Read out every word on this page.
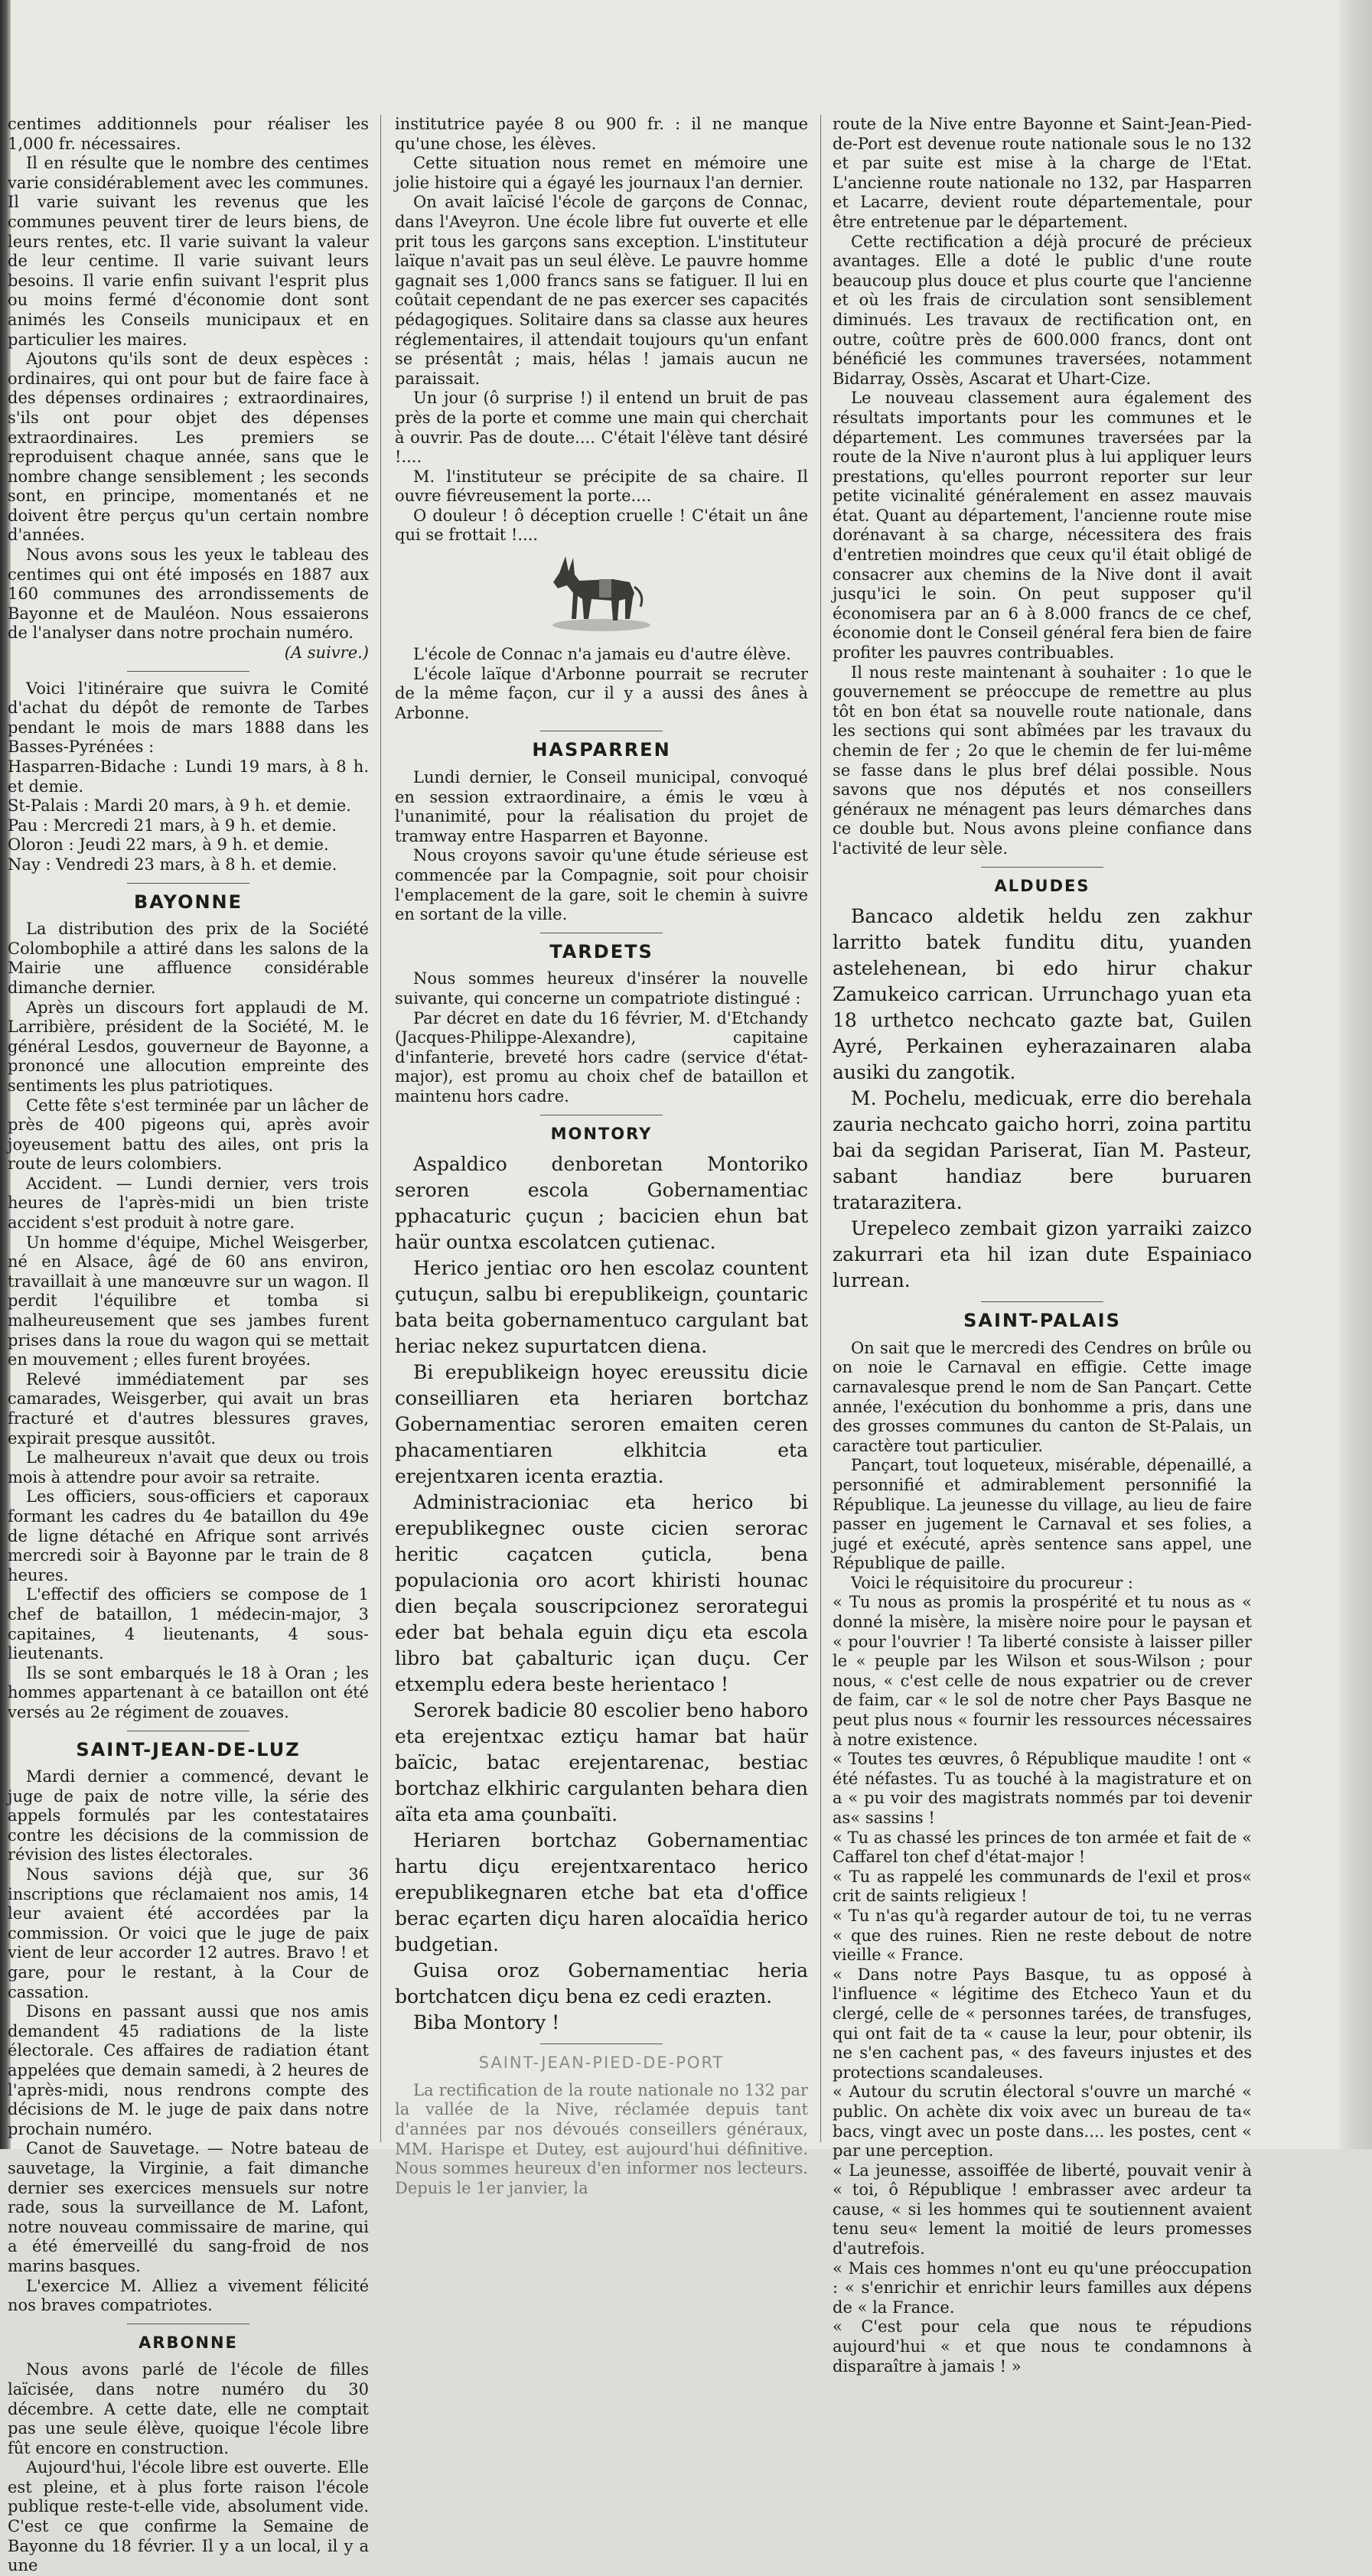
centimes additionnels pour réaliser les 1,000 fr. nécessaires.

Il en résulte que le nombre des centimes varie considérablement avec les communes. Il varie suivant les revenus que les communes peuvent tirer de leurs biens, de leurs rentes, etc. Il varie suivant la valeur de leur centime. Il varie suivant leurs besoins. Il varie enfin suivant l'esprit plus ou moins fermé d'économie dont sont animés les Conseils municipaux et en particulier les maires.

Ajoutons qu'ils sont de deux espèces : ordinaires, qui ont pour but de faire face à des dépenses ordinaires ; extraordinaires, s'ils ont pour objet des dépenses extraordinaires. Les premiers se reproduisent chaque année, sans que le nombre change sensiblement ; les seconds sont, en principe, momentanés et ne doivent être perçus qu'un certain nombre d'années.

Nous avons sous les yeux le tableau des centimes qui ont été imposés en 1887 aux 160 communes des arrondissements de Bayonne et de Mauléon. Nous essaierons de l'analyser dans notre prochain numéro.

(A suivre.)

Voici l'itinéraire que suivra le Comité d'achat du dépôt de remonte de Tarbes pendant le mois de mars 1888 dans les Basses-Pyrénées :

Hasparren-Bidache : Lundi 19 mars, à 8 h. et demie.

St-Palais : Mardi 20 mars, à 9 h. et demie.

Pau : Mercredi 21 mars, à 9 h. et demie.

Oloron : Jeudi 22 mars, à 9 h. et demie.

Nay : Vendredi 23 mars, à 8 h. et demie.

BAYONNE

La distribution des prix de la Société Colombophile a attiré dans les salons de la Mairie une affluence considérable dimanche dernier.

Après un discours fort applaudi de M. Larribière, président de la Société, M. le général Lesdos, gouverneur de Bayonne, a prononcé une allocution empreinte des sentiments les plus patriotiques.

Cette fête s'est terminée par un lâcher de près de 400 pigeons qui, après avoir joyeusement battu des ailes, ont pris la route de leurs colombiers.

Accident. — Lundi dernier, vers trois heures de l'après-midi un bien triste accident s'est produit à notre gare.

Un homme d'équipe, Michel Weisgerber, né en Alsace, âgé de 60 ans environ, travaillait à une manœuvre sur un wagon. Il perdit l'équilibre et tomba si malheureusement que ses jambes furent prises dans la roue du wagon qui se mettait en mouvement ; elles furent broyées.

Relevé immédiatement par ses camarades, Weisgerber, qui avait un bras fracturé et d'autres blessures graves, expirait presque aussitôt.

Le malheureux n'avait que deux ou trois mois à attendre pour avoir sa retraite.

Les officiers, sous-officiers et caporaux formant les cadres du 4e bataillon du 49e de ligne détaché en Afrique sont arrivés mercredi soir à Bayonne par le train de 8 heures.

L'effectif des officiers se compose de 1 chef de bataillon, 1 médecin-major, 3 capitaines, 4 lieutenants, 4 sous-lieutenants.

Ils se sont embarqués le 18 à Oran ; les hommes appartenant à ce bataillon ont été versés au 2e régiment de zouaves.

SAINT-JEAN-DE-LUZ

Mardi dernier a commencé, devant le juge de paix de notre ville, la série des appels formulés par les contestataires contre les décisions de la commission de révision des listes électorales.

Nous savions déjà que, sur 36 inscriptions que réclamaient nos amis, 14 leur avaient été accordées par la commission. Or voici que le juge de paix vient de leur accorder 12 autres. Bravo ! et gare, pour le restant, à la Cour de cassation.

Disons en passant aussi que nos amis demandent 45 radiations de la liste électorale. Ces affaires de radiation étant appelées que demain samedi, à 2 heures de l'après-midi, nous rendrons compte des décisions de M. le juge de paix dans notre prochain numéro.

Canot de Sauvetage. — Notre bateau de sauvetage, la Virginie, a fait dimanche dernier ses exercices mensuels sur notre rade, sous la surveillance de M. Lafont, notre nouveau commissaire de marine, qui a été émerveillé du sang-froid de nos marins basques.

L'exercice M. Alliez a vivement félicité nos braves compatriotes.

ARBONNE

Nous avons parlé de l'école de filles laïcisée, dans notre numéro du 30 décembre. A cette date, elle ne comptait pas une seule élève, quoique l'école libre fût encore en construction.

Aujourd'hui, l'école libre est ouverte. Elle est pleine, et à plus forte raison l'école publique reste-t-elle vide, absolument vide. C'est ce que confirme la Semaine de Bayonne du 18 février. Il y a un local, il y a une

institutrice payée 8 ou 900 fr. : il ne manque qu'une chose, les élèves.

Cette situation nous remet en mémoire une jolie histoire qui a égayé les journaux l'an dernier.

On avait laïcisé l'école de garçons de Connac, dans l'Aveyron. Une école libre fut ouverte et elle prit tous les garçons sans exception. L'instituteur laïque n'avait pas un seul élève. Le pauvre homme gagnait ses 1,000 francs sans se fatiguer. Il lui en coûtait cependant de ne pas exercer ses capacités pédagogiques. Solitaire dans sa classe aux heures réglementaires, il attendait toujours qu'un enfant se présentât ; mais, hélas ! jamais aucun ne paraissait.

Un jour (ô surprise !) il entend un bruit de pas près de la porte et comme une main qui cherchait à ouvrir. Pas de doute.... C'était l'élève tant désiré !....

M. l'instituteur se précipite de sa chaire. Il ouvre fiévreusement la porte....

O douleur ! ô déception cruelle ! C'était un âne qui se frottait !....

L'école de Connac n'a jamais eu d'autre élève.

L'école laïque d'Arbonne pourrait se recruter de la même façon, cur il y a aussi des ânes à Arbonne.

HASPARREN

Lundi dernier, le Conseil municipal, convoqué en session extraordinaire, a émis le vœu à l'unanimité, pour la réalisation du projet de tramway entre Hasparren et Bayonne.

Nous croyons savoir qu'une étude sérieuse est commencée par la Compagnie, soit pour choisir l'emplacement de la gare, soit le chemin à suivre en sortant de la ville.

TARDETS

Nous sommes heureux d'insérer la nouvelle suivante, qui concerne un compatriote distingué :

Par décret en date du 16 février, M. d'Etchandy (Jacques-Philippe-Alexandre), capitaine d'infanterie, breveté hors cadre (service d'état-major), est promu au choix chef de bataillon et maintenu hors cadre.

MONTORY

Aspaldico denboretan Montoriko seroren escola Gobernamentiac pphacaturic çuçun ; bacicien ehun bat haür ountxa escolatcen çutienac.

Herico jentiac oro hen escolaz countent çutuçun, salbu bi erepublikeign, çountaric bata beita gobernamentuco cargulant bat heriac nekez supurtatcen diena.

Bi erepublikeign hoyec ereussitu dicie conseilliaren eta heriaren bortchaz Gobernamentiac seroren emaiten ceren phacamentiaren elkhitcia eta erejentxaren icenta eraztia.

Administracioniac eta herico bi erepublikegnec ouste cicien serorac heritic caçatcen çuticla, bena populacionia oro acort khiristi hounac dien beçala souscripcionez serorategui eder bat behala eguin diçu eta escola libro bat çabalturic içan duçu. Cer etxemplu edera beste herientaco !

Serorek badicie 80 escolier beno haboro eta erejentxac eztiçu hamar bat haür baïcic, batac erejentarenac, bestiac bortchaz elkhiric cargulanten behara dien aïta eta ama çounbaïti.

Heriaren bortchaz Gobernamentiac hartu diçu erejentxarentaco herico erepublikegnaren etche bat eta d'office berac eçarten diçu haren alocaïdia herico budgetian.

Guisa oroz Gobernamentiac heria bortchatcen diçu bena ez cedi erazten.

Biba Montory !

SAINT-JEAN-PIED-DE-PORT

La rectification de la route nationale no 132 par la vallée de la Nive, réclamée depuis tant d'années par nos dévoués conseillers généraux, MM. Harispe et Dutey, est aujourd'hui définitive. Nous sommes heureux d'en informer nos lecteurs. Depuis le 1er janvier, la

route de la Nive entre Bayonne et Saint-Jean-Pied-de-Port est devenue route nationale sous le no 132 et par suite est mise à la charge de l'Etat. L'ancienne route nationale no 132, par Hasparren et Lacarre, devient route départementale, pour être entretenue par le département.

Cette rectification a déjà procuré de précieux avantages. Elle a doté le public d'une route beaucoup plus douce et plus courte que l'ancienne et où les frais de circulation sont sensiblement diminués. Les travaux de rectification ont, en outre, coûtre près de 600.000 francs, dont ont bénéficié les communes traversées, notamment Bidarray, Ossès, Ascarat et Uhart-Cize.

Le nouveau classement aura également des résultats importants pour les communes et le département. Les communes traversées par la route de la Nive n'auront plus à lui appliquer leurs prestations, qu'elles pourront reporter sur leur petite vicinalité généralement en assez mauvais état. Quant au département, l'ancienne route mise dorénavant à sa charge, nécessitera des frais d'entretien moindres que ceux qu'il était obligé de consacrer aux chemins de la Nive dont il avait jusqu'ici le soin. On peut supposer qu'il économisera par an 6 à 8.000 francs de ce chef, économie dont le Conseil général fera bien de faire profiter les pauvres contribuables.

Il nous reste maintenant à souhaiter : 1o que le gouvernement se préoccupe de remettre au plus tôt en bon état sa nouvelle route nationale, dans les sections qui sont abîmées par les travaux du chemin de fer ; 2o que le chemin de fer lui-même se fasse dans le plus bref délai possible. Nous savons que nos députés et nos conseillers généraux ne ménagent pas leurs démarches dans ce double but. Nous avons pleine confiance dans l'activité de leur sèle.

ALDUDES

Bancaco aldetik heldu zen zakhur larritto batek funditu ditu, yuanden astelehenean, bi edo hirur chakur Zamukeico carrican. Urrunchago yuan eta 18 urthetco nechcato gazte bat, Guilen Ayré, Perkainen eyherazainaren alaba ausiki du zangotik.

M. Pochelu, medicuak, erre dio berehala zauria nechcato gaicho horri, zoina partitu bai da segidan Pariserat, Iïan M. Pasteur, sabant handiaz bere buruaren tratarazitera.

Urepeleco zembait gizon yarraiki zaizco zakurrari eta hil izan dute Espainiaco lurrean.

SAINT-PALAIS

On sait que le mercredi des Cendres on brûle ou on noie le Carnaval en effigie. Cette image carnavalesque prend le nom de San Pançart. Cette année, l'exécution du bonhomme a pris, dans une des grosses communes du canton de St-Palais, un caractère tout particulier.

Pançart, tout loqueteux, misérable, dépenaillé, a personnifié et admirablement personnifié la République. La jeunesse du village, au lieu de faire passer en jugement le Carnaval et ses folies, a jugé et exécuté, après sentence sans appel, une République de paille.

Voici le réquisitoire du procureur :

« Tu nous as promis la prospérité et tu nous as « donné la misère, la misère noire pour le paysan et « pour l'ouvrier ! Ta liberté consiste à laisser piller le « peuple par les Wilson et sous-Wilson ; pour nous, « c'est celle de nous expatrier ou de crever de faim, car « le sol de notre cher Pays Basque ne peut plus nous « fournir les ressources nécessaires à notre existence.

« Toutes tes œuvres, ô République maudite ! ont « été néfastes. Tu as touché à la magistrature et on a « pu voir des magistrats nommés par toi devenir as« sassins !

« Tu as chassé les princes de ton armée et fait de « Caffarel ton chef d'état-major !

« Tu as rappelé les communards de l'exil et pros« crit de saints religieux !

« Tu n'as qu'à regarder autour de toi, tu ne verras « que des ruines. Rien ne reste debout de notre vieille « France.

« Dans notre Pays Basque, tu as opposé à l'influence « légitime des Etcheco Yaun et du clergé, celle de « personnes tarées, de transfuges, qui ont fait de ta « cause la leur, pour obtenir, ils ne s'en cachent pas, « des faveurs injustes et des protections scandaleuses.

« Autour du scrutin électoral s'ouvre un marché « public. On achète dix voix avec un bureau de ta« bacs, vingt avec un poste dans.... les postes, cent « par une perception.

« La jeunesse, assoiffée de liberté, pouvait venir à « toi, ô République ! embrasser avec ardeur ta cause, « si les hommes qui te soutiennent avaient tenu seu« lement la moitié de leurs promesses d'autrefois.

« Mais ces hommes n'ont eu qu'une préoccupation : « s'enrichir et enrichir leurs familles aux dépens de « la France.

« C'est pour cela que nous te répudions aujourd'hui « et que nous te condamnons à disparaître à jamais ! »
